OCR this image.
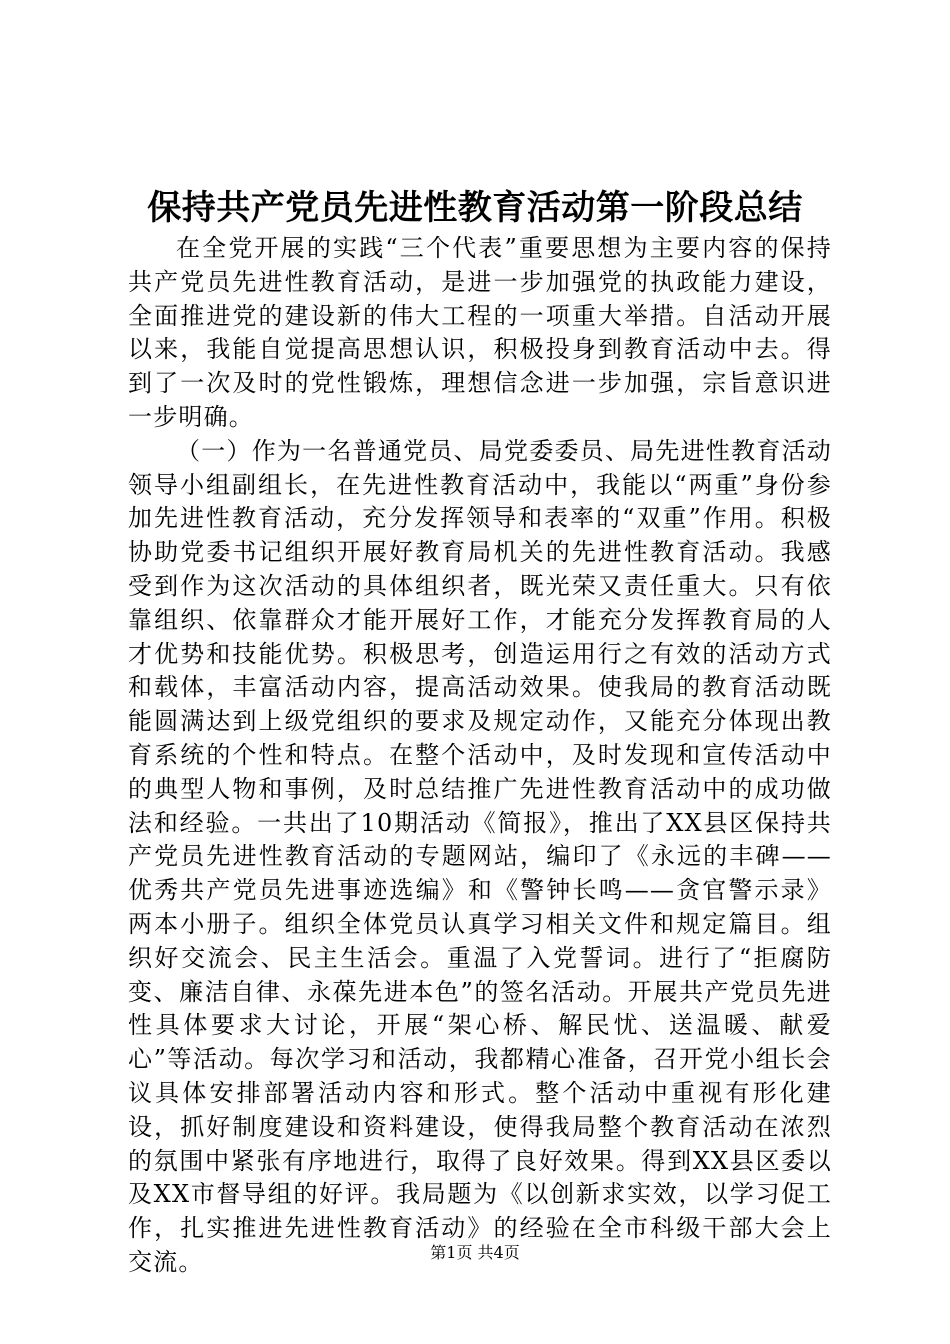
保持共产党员先进性教育活动第一阶段总结

在全党开展的实践“三个代表”重要思想为主要内容的保持共产党员先进性教育活动，是进一步加强党的执政能力建设，全面推进党的建设新的伟大工程的一项重大举措。自活动开展以来，我能自觉提高思想认识，积极投身到教育活动中去。得到了一次及时的党性锻炼，理想信念进一步加强，宗旨意识进一步明确。

（一）作为一名普通党员、局党委委员、局先进性教育活动领导小组副组长，在先进性教育活动中，我能以“两重”身份参加先进性教育活动，充分发挥领导和表率的“双重”作用。积极协助党委书记组织开展好教育局机关的先进性教育活动。我感受到作为这次活动的具体组织者，既光荣又责任重大。只有依靠组织、依靠群众才能开展好工作，才能充分发挥教育局的人才优势和技能优势。积极思考，创造运用行之有效的活动方式和载体，丰富活动内容，提高活动效果。使我局的教育活动既能圆满达到上级党组织的要求及规定动作，又能充分体现出教育系统的个性和特点。在整个活动中，及时发现和宣传活动中的典型人物和事例，及时总结推广先进性教育活动中的成功做法和经验。一共出了10期活动《简报》，推出了XX县区保持共产党员先进性教育活动的专题网站，编印了《永远的丰碑——优秀共产党员先进事迹选编》和《警钟长鸣——贪官警示录》两本小册子。组织全体党员认真学习相关文件和规定篇目。组织好交流会、民主生活会。重温了入党誓词。进行了“拒腐防变、廉洁自律、永葆先进本色”的签名活动。开展共产党员先进性具体要求大讨论，开展“架心桥、解民忧、送温暖、献爱心”等活动。每次学习和活动，我都精心准备，召开党小组长会议具体安排部署活动内容和形式。整个活动中重视有形化建设，抓好制度建设和资料建设，使得我局整个教育活动在浓烈的氛围中紧张有序地进行，取得了良好效果。得到XX县区委以及XX市督导组的好评。我局题为《以创新求实效，以学习促工作，扎实推进先进性教育活动》的经验在全市科级干部大会上交流。	第1页 共4页
